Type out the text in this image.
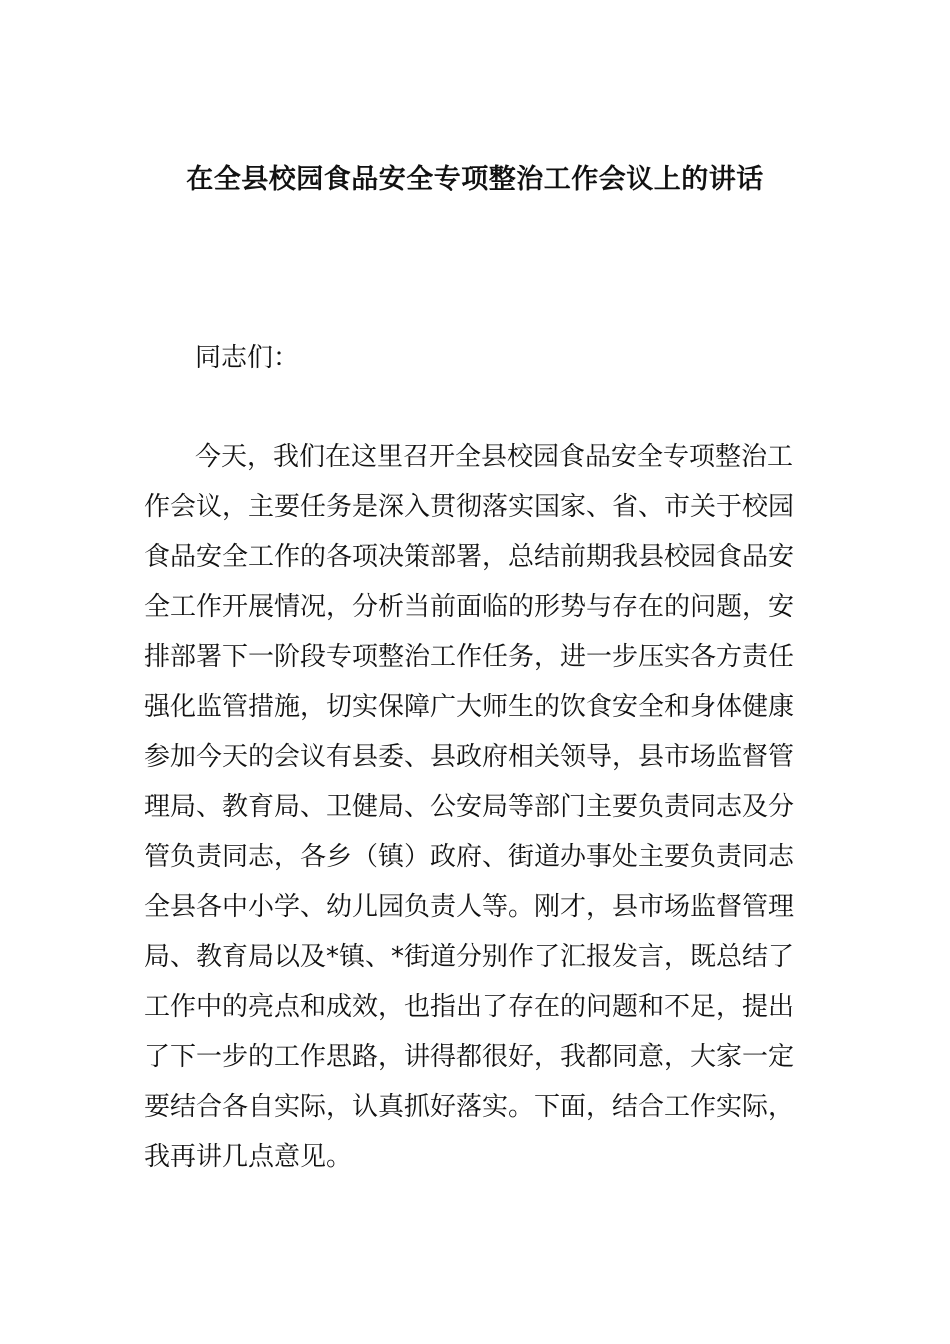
在全县校园食品安全专项整治工作会议上的讲话
同志们：
今天，我们在这里召开全县校园食品安全专项整治工
作会议，主要任务是深入贯彻落实国家、省、市关于校园
食品安全工作的各项决策部署，总结前期我县校园食品安
全工作开展情况，分析当前面临的形势与存在的问题，安
排部署下一阶段专项整治工作任务，进一步压实各方责任
强化监管措施，切实保障广大师生的饮食安全和身体健康
参加今天的会议有县委、县政府相关领导，县市场监督管
理局、教育局、卫健局、公安局等部门主要负责同志及分
管负责同志，各乡（镇）政府、街道办事处主要负责同志
全县各中小学、幼儿园负责人等。刚才，县市场监督管理
局、教育局以及*镇、*街道分别作了汇报发言，既总结了
工作中的亮点和成效，也指出了存在的问题和不足，提出
了下一步的工作思路，讲得都很好，我都同意，大家一定
要结合各自实际，认真抓好落实。下面，结合工作实际，
我再讲几点意见。
